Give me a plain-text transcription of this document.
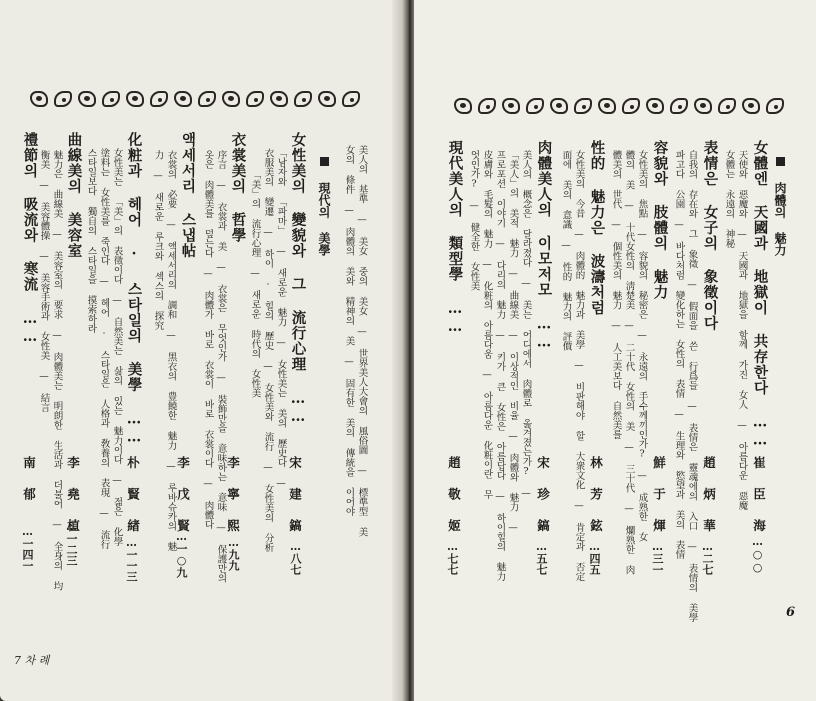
美人의 基準 — 美女 중의 美女 — 世界美人大會의 風俗圖 — 標準型 美
女의 條件 — 肉體의 美와 精神의 美 — 固有한 美의 傳統을 이어야
現代의 美學
女性美의 變貌와 그 流行心理 ……
「남자와 「파마」 — 새로운 魅力 — 女性美는 美의 歷史다 —
衣服美의 變遷 — 하이 · 힐의 歷史 — 女性美와 流行 — 女性美의 分析
「美」의 流行心理 — 새로운 時代의 女性美
宋 建 鎬
…八七
衣裳美의 哲學
序言 — 衣裳과 美 — 衣裳은 무엇인가 — 裝飾만을 意味하는 意味 — 保護만의
옷은 肉體美를 덮는다 — 肉體가 바로 衣裳이 바로 衣裳이다 — 肉體다 李 寧 熙
…九九
액세서리 스냅帖
衣裳의 必要 — 액세서리의 調和 — 黑衣의 豊饒한 魅力 — 루바슈카의 魅
力 — 새로운 루크와 섹스의 探究
李 戊 賢
…一○九
化粧과 헤어 · 스타일의 美學 ……
女性美는 「美」의 表徵이다 — 自然美는 삶의 있는 魅力이다 — 젊은 化學
塗料는 女性美를 죽인다 — 헤어 · 스타일은 人格과 敎養의 表現 — 流行
스타일보다 獨自의 스타일을 摸索하라
朴 賢 緖
…一一三
曲線美의 美容室
魅力은 曲線美 — 美容室의 要求 — 肉體美는 明朗한 生活과 더불어 — 全身의 均
衡美 — 美容體操 — 美容手術과 女性美 — 結言
李 堯 植
…一二三
禮節의 吸流와 寒流 ……
南 郁
…一四一
7 차 례
肉體의 魅力
女體엔 天國과 地獄이 共存한다 ……
天使와 惡魔와 — 天國과 地獄을 함께 가진 女人 — 아름다운 惡魔
女體는 永遠의 神秘
崔 臣 海
…○○
表情은 女子의 象徵이다
自我의 存在와 그 象徵 — 假面을 쓴 行爲들 — 表情은 靈魂에의 入口 — 表情의 美學
파고다 公園 — 바다처럼 變化하는 女性의 表情 — 生理와 慾望과 美의 表情 趙 炳 華
…二七
容貌와 肢體의 魅力
女性美의 焦點 — 容貌의 秘密은 — 永遠의 手수께끼인가? — 成熟한 女
體의 美 — 十代女性의 淸楚美 — 二十代 女性의 美 — 三十代 — 爛熟한 肉
體美의 世代 — 個性美의 魅力 — 人工美보다 自然美를
鮮 于 煇
…三一
性的 魅力은 波濤처럼
女性美의 今昔 — 肉體的 魅力과 美學 — 비판해야 할 大衆文化 — 肯定과 否定
面에 美의 意識 — 性的 魅力의 評價
林 芳 鉉
…四五
肉體美人의 이모저모 ……
美人의 概念은 달라졌다 — 美는 어디에서 肉體로 옮겨졌는가? —
「美人」의 美적 魅力 — 曲線美 — 이상적인 비율 — 肉體와 魅力 —
프로포션 이야기 — 다리의 魅力 — 키가 큰 女性은 아름답다 — 하이힐의 魅力
皮膚와 毛髮의 魅力 — 化粧의 아름다움 — 아름다운 化粧이란 무
엇인가? — 健全한 女性美
宋 珍 鎬
…五七
現代美人의 類型學 ……
趙 敬 姬
…七七
6
